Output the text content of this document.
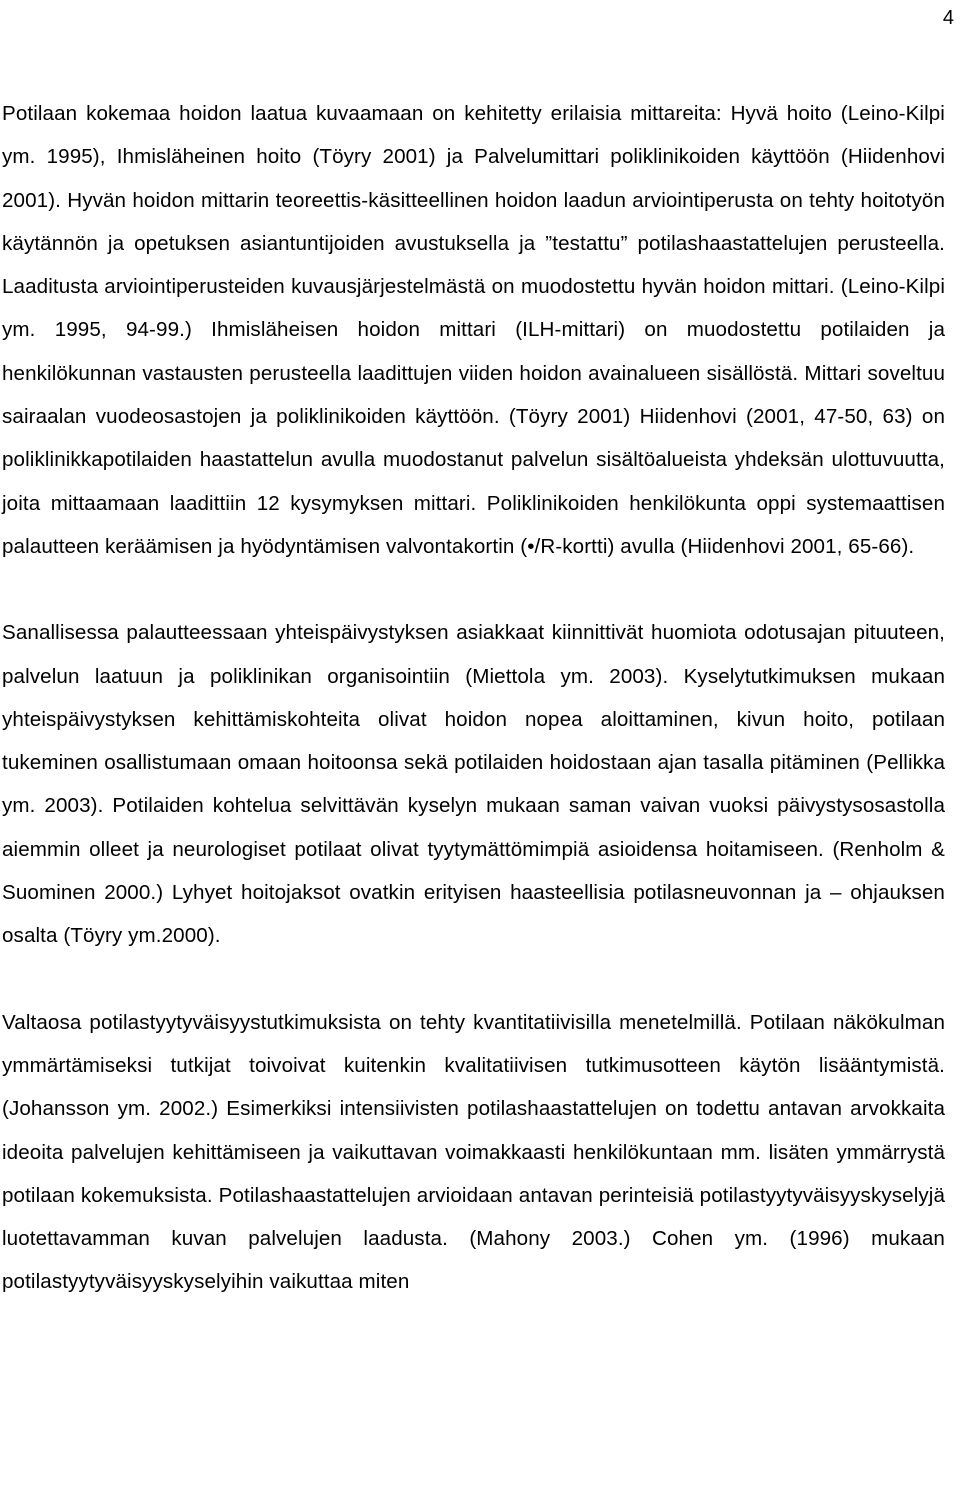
4

Potilaan kokemaa hoidon laatua kuvaamaan on kehitetty erilaisia mittareita: Hyvä hoito (Leino-Kilpi ym. 1995), Ihmisläheinen hoito (Töyry 2001) ja Palvelumittari poliklinikoiden käyttöön (Hiidenhovi 2001). Hyvän hoidon mittarin teoreettis-käsitteellinen hoidon laadun arviointiperusta on tehty hoitotyön käytännön ja opetuksen asiantuntijoiden avustuksella ja ”testattu” potilashaastattelujen perusteella. Laaditusta arviointiperusteiden kuvausjärjestelmästä on muodostettu hyvän hoidon mittari. (Leino-Kilpi ym. 1995, 94-99.) Ihmisläheisen hoidon mittari (ILH-mittari) on muodostettu potilaiden ja henkilökunnan vastausten perusteella laadittujen viiden hoidon avainalueen sisällöstä. Mittari soveltuu sairaalan vuodeosastojen ja poliklinikoiden käyttöön. (Töyry 2001) Hiidenhovi (2001, 47-50, 63) on poliklinikkapotilaiden haastattelun avulla muodostanut palvelun sisältöalueista yhdeksän ulottuvuutta, joita mittaamaan laadittiin 12 kysymyksen mittari. Poliklinikoiden henkilökunta oppi systemaattisen palautteen keräämisen ja hyödyntämisen valvontakortin (•/R-kortti) avulla (Hiidenhovi 2001, 65-66).

Sanallisessa palautteessaan yhteispäivystyksen asiakkaat kiinnittivät huomiota odotusajan pituuteen, palvelun laatuun ja poliklinikan organisointiin (Miettola ym. 2003). Kyselytutkimuksen mukaan yhteispäivystyksen kehittämiskohteita olivat hoidon nopea aloittaminen, kivun hoito, potilaan tukeminen osallistumaan omaan hoitoonsa sekä potilaiden hoidostaan ajan tasalla pitäminen (Pellikka ym. 2003). Potilaiden kohtelua selvittävän kyselyn mukaan saman vaivan vuoksi päivystysosastolla aiemmin olleet ja neurologiset potilaat olivat tyytymättömimpiä asioidensa hoitamiseen. (Renholm & Suominen 2000.) Lyhyet hoitojaksot ovatkin erityisen haasteellisia potilasneuvonnan ja – ohjauksen osalta (Töyry ym.2000).

Valtaosa potilastyytyväisyystutkimuksista on tehty kvantitatiivisilla menetelmillä. Potilaan näkökulman ymmärtämiseksi tutkijat toivoivat kuitenkin kvalitatiivisen tutkimusotteen käytön lisääntymistä. (Johansson ym. 2002.) Esimerkiksi intensiivisten potilashaastattelujen on todettu antavan arvokkaita ideoita palvelujen kehittämiseen ja vaikuttavan voimakkaasti henkilökuntaan mm. lisäten ymmärrystä potilaan kokemuksista. Potilashaastattelujen arvioidaan antavan perinteisiä potilastyytyväisyyskyselyjä luotettavamman kuvan palvelujen laadusta. (Mahony 2003.) Cohen ym. (1996) mukaan potilastyytyväisyyskyselyihin vaikuttaa miten
